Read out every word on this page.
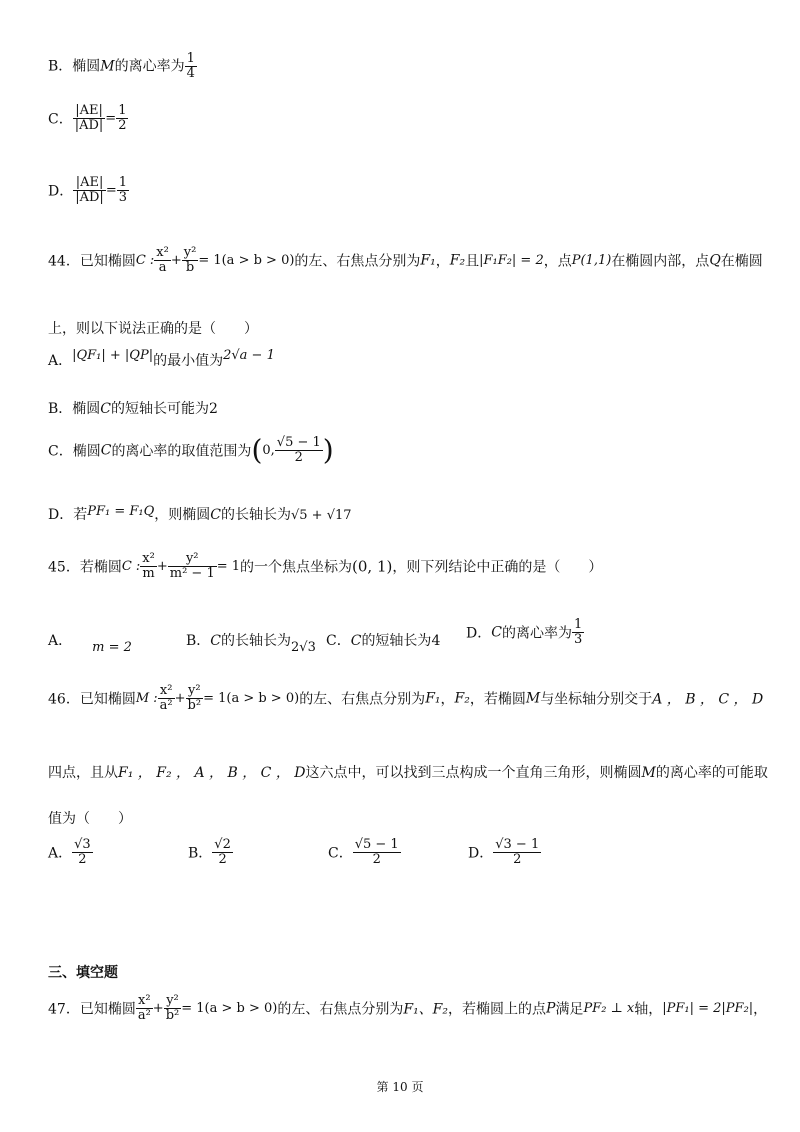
B．椭圆M的离心率为 $\frac{1}{4}$
C． $\frac{|AE|}{|AD|} = \frac{1}{2}$
D． $\frac{|AE|}{|AD|} = \frac{1}{3}$
44．已知椭圆C : $\frac{\text{x²}}{a} + \frac{\text{y²}}{b} = 1(a > b > 0)$的左、右焦点分别为F₁，F₂且|F₁F₂| = 2，点P(1,1)在椭圆内部，点Q在椭圆
上，则以下说法正确的是（　　）
A．|QF₁| + |QP|的最小值为2√a − 1
B．椭圆C的短轴长可能为2
C．椭圆C的离心率的取值范围为(0, $\frac{√5 - 1}{2}$ )
D．若PF₁ = F₁Q，则椭圆C的长轴长为√5 + √17
45．若椭圆C : $\frac{\text{x²}}{m} + \frac{\text{y²}}{\text{m² − 1}} = 1$的一个焦点坐标为(0, 1)，则下列结论中正确的是（　　）
A． m = 2	B．C的长轴长为2√3 C．C的短轴长为4 D．C的离心率为 $\frac{1}{3}$
46．已知椭圆M : $\frac{\text{x²}}{\text{a²}} + \frac{\text{y²}}{\text{b²}} = 1(a > b > 0)$的左、右焦点分别为F₁，F₂，若椭圆M与坐标轴分别交于A ， B ， C ， D
四点，且从F₁ ， F₂ ， A ， B ， C ， D这六点中，可以找到三点构成一个直角三角形，则椭圆M的离心率的可能取
值为（　　）
A． $\frac{√3}{2}$	B． $\frac{√2}{2}$	C． $\frac{√5 - 1}{2}$	D． $\frac{√3 - 1}{2}$
三、填空题
47．已知椭圆 $\frac{\text{x²}}{\text{a²}} + \frac{\text{y²}}{\text{b²}} = 1(a > b > 0)$的左、右焦点分别为F₁、F₂，若椭圆上的点P满足PF₂ ⊥ x轴，|PF₁| = 2|PF₂|，
第 10 页
